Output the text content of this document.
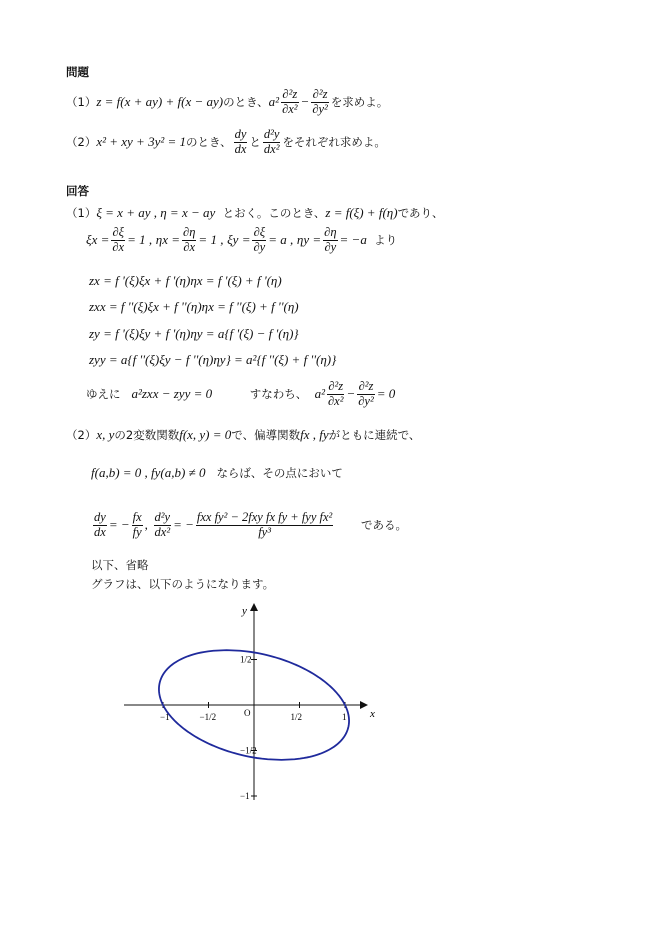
問題
（1）z = f(x + ay) + f(x − ay)のとき、$a^2 \frac{\text{∂²z}}{\text{∂x²}} - \frac{\text{∂²z}}{\text{∂y²}}$ を求めよ。
（2）x² + xy + 3y² = 1のとき、 $\frac{dy}{dx}$ と $\frac{\text{d²y}}{\text{dx²}}$ をそれぞれ求めよ。
回答
（1）ξ = x + ay , η = x − ay とおく。このとき、z = f(ξ) + f(η)であり、
$\xi x = \frac{\partial\xi}{\partial x} = 1$ , $\eta x = \frac{\partial\eta}{\partial x} = 1$ , $\xi y = \frac{\partial\xi}{\partial y} = a$ , $\eta y = \frac{\partial\eta}{\partial y} = -a$ より
zx = f '(ξ)ξx + f '(η)ηx = f '(ξ) + f '(η)
zxx = f ''(ξ)ξx + f ''(η)ηx = f ''(ξ) + f ''(η)
zy = f '(ξ)ξy + f '(η)ηy = a{f '(ξ) − f '(η)}
zyy = a{f ''(ξ)ξy − f ''(η)ηy} = a²{f ''(ξ) + f ''(η)}
ゆえに a²zxx − zyy = 0	すなわち、 $a^2 \frac{\text{∂²z}}{\text{∂x²}} - \frac{\text{∂²z}}{\text{∂y²}} = 0$
（2）x, yの2変数関数f(x, y) = 0で、偏導関数fx , fyがともに連続で、
f(a,b) = 0 , fy(a,b) ≠ 0 ならば、その点において
$\frac{dy}{dx}$ = − $\frac{fx}{fy}$ , $\frac{\text{d²y}}{\text{dx²}}$ = − fxx fy² − 2fxy fx fy + fyy fx²
fy³	である。
以下、省略
グラフは、以下のようになります。
−1	−1/2	1/2	1
1/2
−1/2
−1
x
y
O
